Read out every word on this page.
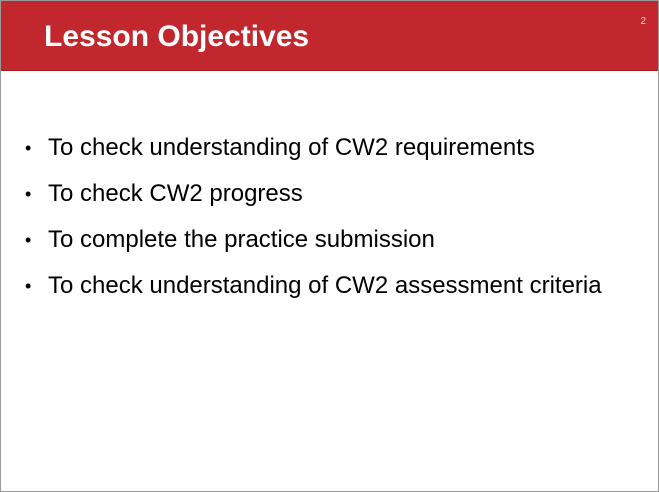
Lesson Objectives	2
• To check understanding of CW2 requirements
• To check CW2 progress
• To complete the practice submission
• To check understanding of CW2 assessment criteria
